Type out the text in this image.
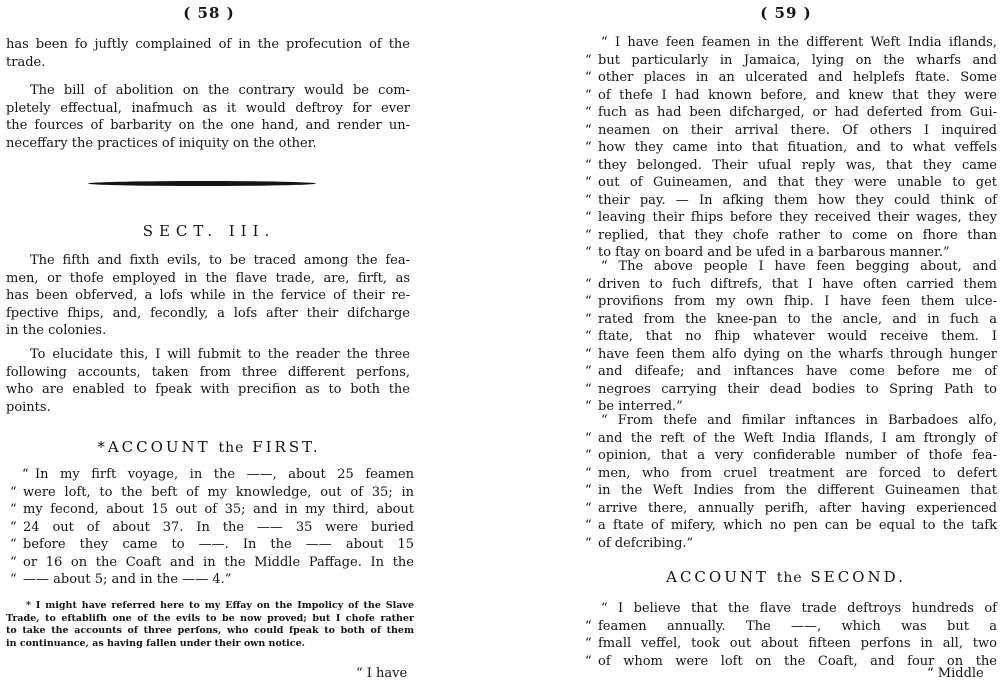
( 58 )
has been fo juftly complained of in the profecution of the
trade.
The bill of abolition on the contrary would be com-
pletely effectual, inafmuch as it would deftroy for ever
the fources of barbarity on the one hand, and render un-
neceffary the practices of iniquity on the other.
SECT. III.
The fifth and fixth evils, to be traced among the fea-
men, or thofe employed in the flave trade, are, firft, as
has been obferved, a lofs while in the fervice of their re-
fpective fhips, and, fecondly, a lofs after their difcharge
in the colonies.
To elucidate this, I will fubmit to the reader the three
following accounts, taken from three different perfons,
who are enabled to fpeak with precifion as to both the
points.
*ACCOUNT the FIRST.
“ In my firft voyage, in the ——, about 25 feamen
“ were loft, to the beft of my knowledge, out of 35; in
“ my fecond, about 15 out of 35; and in my third, about
“ 24 out of about 37. In the —— 35 were buried
“ before they came to ——. In the —— about 15
“ or 16 on the Coaft and in the Middle Paffage. In the
“ —— about 5; and in the —— 4.”
* I might have referred here to my Effay on the Impolicy of the Slave
Trade, to eftablifh one of the evils to be now proved; but I chofe rather
to take the accounts of three perfons, who could fpeak to both of them
in continuance, as having fallen under their own notice.
“ I have
( 59 )
“ I have feen feamen in the different Weft India iflands,
“ but particularly in Jamaica, lying on the wharfs and
“ other places in an ulcerated and helplefs ftate. Some
“ of thefe I had known before, and knew that they were
“ fuch as had been difcharged, or had deferted from Gui-
“ neamen on their arrival there. Of others I inquired
“ how they came into that fituation, and to what veffels
“ they belonged. Their ufual reply was, that they came
“ out of Guineamen, and that they were unable to get
“ their pay. — In afking them how they could think of
“ leaving their fhips before they received their wages, they
“ replied, that they chofe rather to come on fhore than
“ to ftay on board and be ufed in a barbarous manner.”
“ The above people I have feen begging about, and
“ driven to fuch diftrefs, that I have often carried them
“ provifions from my own fhip. I have feen them ulce-
“ rated from the knee-pan to the ancle, and in fuch a
“ ftate, that no fhip whatever would receive them. I
“ have feen them alfo dying on the wharfs through hunger
“ and difeafe; and inftances have come before me of
“ negroes carrying their dead bodies to Spring Path to
“ be interred.”
“ From thefe and fimilar inftances in Barbadoes alfo,
“ and the reft of the Weft India Iflands, I am ftrongly of
“ opinion, that a very confiderable number of thofe fea-
“ men, who from cruel treatment are forced to defert
“ in the Weft Indies from the different Guineamen that
“ arrive there, annually perifh, after having experienced
“ a ftate of mifery, which no pen can be equal to the tafk
“ of defcribing.”
ACCOUNT the SECOND.
“ I believe that the flave trade deftroys hundreds of
“ feamen annually. The ——, which was but a
“ fmall veffel, took out about fifteen perfons in all, two
“ of whom were loft on the Coaft, and four on the
“ Middle
